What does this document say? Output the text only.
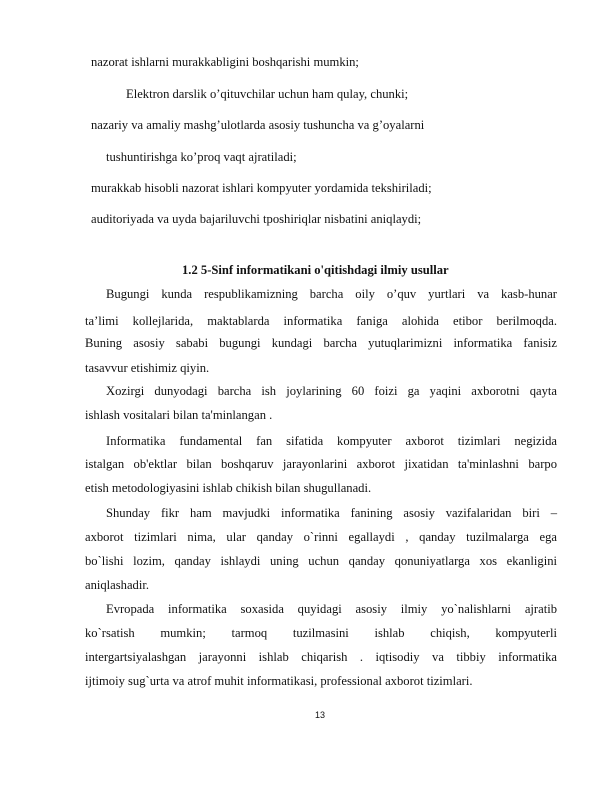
nazorat ishlarni murakkabligini boshqarishi mumkin;
Elektron darslik o’qituvchilar uchun ham qulay, chunki;
nazariy va amaliy mashg’ulotlarda asosiy tushuncha va g’oyalarni
tushuntirishga ko’proq vaqt ajratiladi;
murakkab hisobli nazorat ishlari kompyuter yordamida tekshiriladi;
auditoriyada va uyda bajariluvchi tposhiriqlar nisbatini aniqlaydi;
1.2 5-Sinf informatikani o'qitishdagi ilmiy usullar
Bugungi kunda respublikamizning barcha oily o’quv yurtlari va kasb-hunar
ta’limi kollejlarida, maktablarda informatika faniga alohida etibor berilmoqda.
Buning asosiy sababi bugungi kundagi barcha yutuqlarimizni informatika fanisiz
tasavvur etishimiz qiyin.
Xozirgi dunyodagi barcha ish joylarining 60 foizi ga yaqini axborotni qayta
ishlash vositalari bilan ta'minlangan .
Informatika fundamental fan sifatida kompyuter axborot tizimlari negizida
istalgan ob'ektlar bilan boshqaruv jarayonlarini axborot jixatidan ta'minlashni barpo
etish metodologiyasini ishlab chikish bilan shugullanadi.
Shunday fikr ham mavjudki informatika fanining asosiy vazifalaridan biri –
axborot tizimlari nima, ular qanday o`rinni egallaydi , qanday tuzilmalarga ega
bo`lishi lozim, qanday ishlaydi uning uchun qanday qonuniyatlarga xos ekanligini
aniqlashadir.
Evropada informatika soxasida quyidagi asosiy ilmiy yo`nalishlarni ajratib
ko`rsatish mumkin; tarmoq tuzilmasini ishlab chiqish, kompyuterli
intergartsiyalashgan jarayonni ishlab chiqarish . iqtisodiy va tibbiy informatika
ijtimoiy sug`urta va atrof muhit informatikasi, professional axborot tizimlari.
13
